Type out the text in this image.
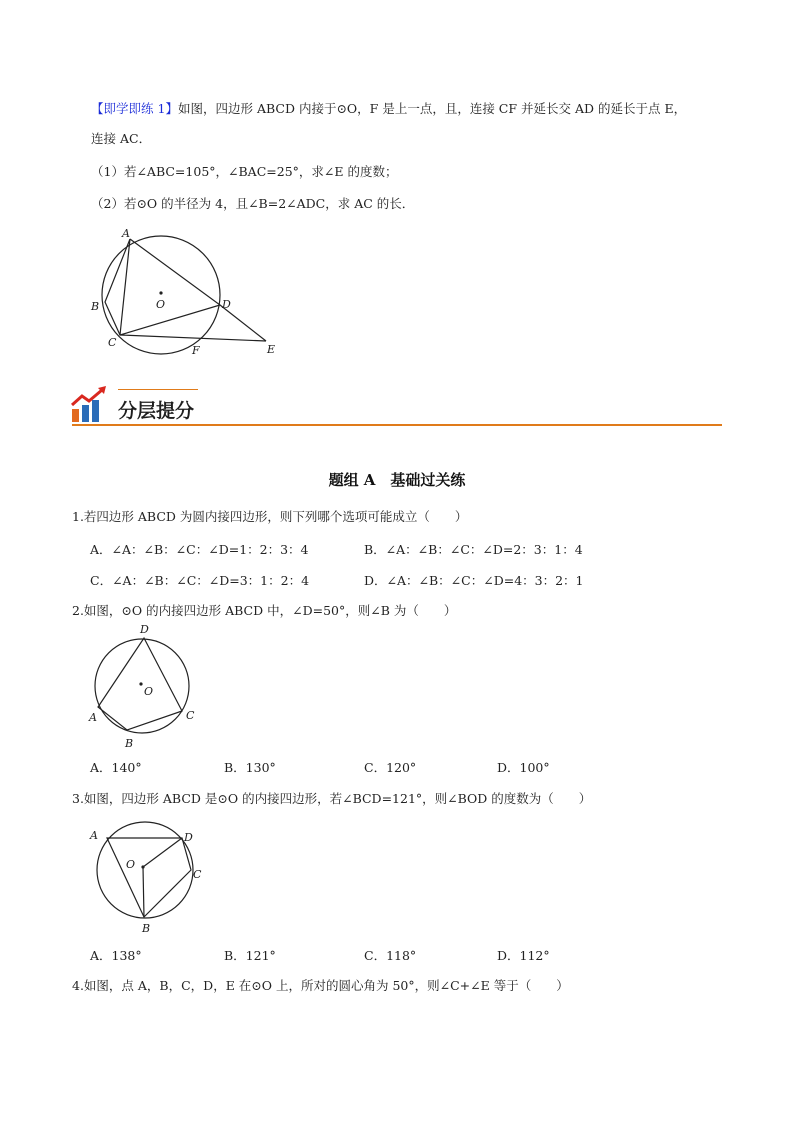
【即学即练 1】如图，四边形 ABCD 内接于⊙O，F 是上一点，且，连接 CF 并延长交 AD 的延长于点 E，
连接 AC．
（1）若∠ABC=105°，∠BAC=25°，求∠E 的度数；
（2）若⊙O 的半径为 4，且∠B=2∠ADC，求 AC 的长．
A
B	O	D
C
F	E
分层提分
题组 A　基础过关练
1.若四边形 ABCD 为圆内接四边形，则下列哪个选项可能成立（　　）
A．∠A：∠B：∠C：∠D=1：2：3：4	B．∠A：∠B：∠C：∠D=2：3：1：4
C．∠A：∠B：∠C：∠D=3：1：2：4	D．∠A：∠B：∠C：∠D=4：3：2：1
2.如图，⊙O 的内接四边形 ABCD 中，∠D=50°，则∠B 为（　　）
D
O
A	C
B
A．140°	B．130°	C．120°	D．100°
3.如图，四边形 ABCD 是⊙O 的内接四边形，若∠BCD=121°，则∠BOD 的度数为（　　）
A	D
O
C
B
A．138°	B．121°	C．118°	D．112°
4.如图，点 A，B，C，D，E 在⊙O 上，所对的圆心角为 50°，则∠C+∠E 等于（　　）
